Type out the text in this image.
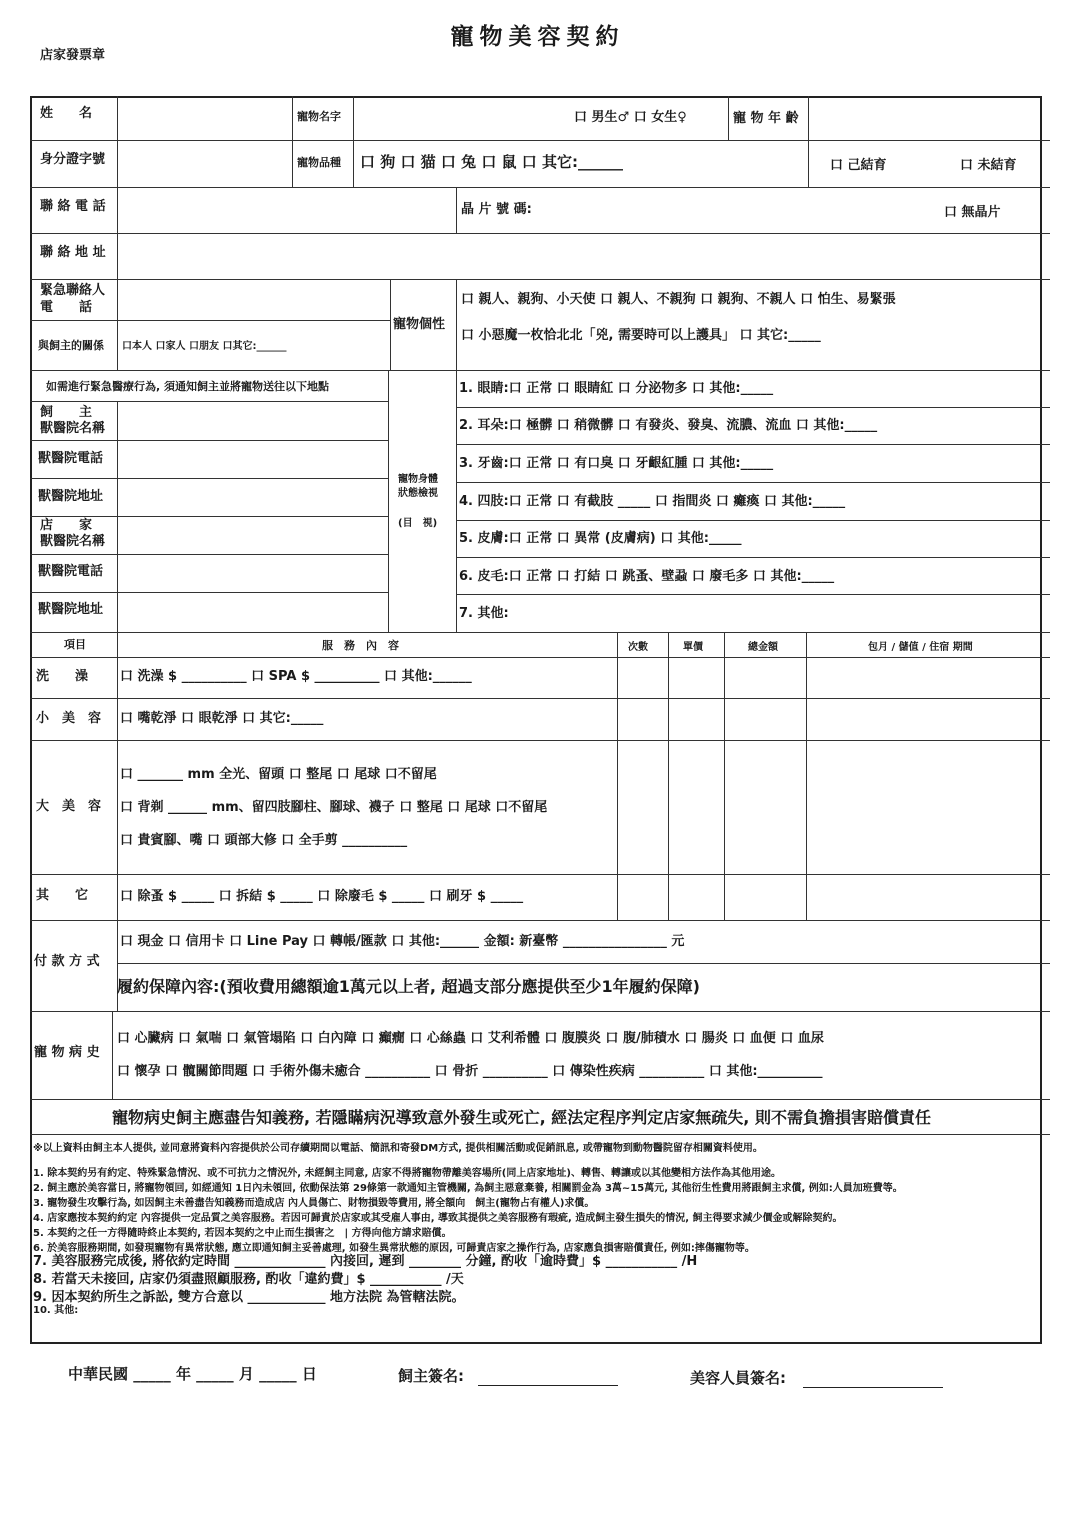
寵物美容契約
店家發票章
姓　　名	寵物名字	口 男生♂ 口 女生♀	寵 物 年 齡
身分證字號	寵物品種 口 狗 口 猫 口 兔 口 鼠 口 其它:______	口 己結育	口 未結育
聯 絡 電 話	晶 片 號 碼:	口 無晶片
聯 絡 地 址
緊急聯絡人
電　　話
與飼主的關係 口本人 口家人 口朋友 口其它:______
寵物個性
口 親人、親狗、小天使 口 親人、不親狗 口 親狗、不親人 口 怕生、易緊張
口 小惡魔一枚恰北北「兇, 需要時可以上護具」 口 其它:_____
如需進行緊急醫療行為, 須通知飼主並將寵物送往以下地點
飼　　主
獸醫院名稱
獸醫院電話
獸醫院地址
店　　家
獸醫院名稱
獸醫院電話
獸醫院地址
寵物身體
狀態檢視
(目　視)
1. 眼睛:口 正常 口 眼睛紅 口 分泌物多 口 其他:_____
2. 耳朵:口 極髒 口 稍微髒 口 有發炎、發臭、流膿、流血 口 其他:_____
3. 牙齒:口 正常 口 有口臭 口 牙齦紅腫 口 其他:_____
4. 四肢:口 正常 口 有截肢 _____ 口 指間炎 口 癱瘓 口 其他:_____
5. 皮膚:口 正常 口 異常 (皮膚病) 口 其他:_____
6. 皮毛:口 正常 口 打結 口 跳蚤、壁蝨 口 廢毛多 口 其他:_____
7. 其他:
項目	服　務　內　容	次數	單價	總金額	包月 / 儲值 / 住宿 期間
洗　　澡 口 洗澡 $ __________ 口 SPA $ __________ 口 其他:______
小　美　容 口 嘴乾淨 口 眼乾淨 口 其它:_____
大　美　容
口 _______ mm 全光、留頭 口 整尾 口 尾球 口不留尾
口 背剃 ______ mm、留四肢腳柱、腳球、襪子 口 整尾 口 尾球 口不留尾
口 貴賓腳、嘴 口 頭部大修 口 全手剪 __________
其　　它 口 除蚤 $ _____ 口 拆結 $ _____ 口 除廢毛 $ _____ 口 刷牙 $ _____
付 款 方 式
口 現金 口 信用卡 口 Line Pay 口 轉帳/匯款 口 其他:______ 金額: 新臺幣 ________________ 元
履約保障內容:(預收費用總額逾1萬元以上者, 超過支部分應提供至少1年履約保障)
寵 物 病 史
口 心臟病 口 氣喘 口 氣管塌陷 口 白內障 口 癲癇 口 心絲蟲 口 艾利希體 口 腹膜炎 口 腹/肺積水 口 腸炎 口 血便 口 血尿
口 懷孕 口 髖關節問題 口 手術外傷未癒合 __________ 口 骨折 __________ 口 傳染性疾病 __________ 口 其他:__________
寵物病史飼主應盡告知義務, 若隱瞞病況導致意外發生或死亡, 經法定程序判定店家無疏失, 則不需負擔損害賠償責任
※以上資料由飼主本人提供, 並同意將資料內容提供於公司存續期間以電話、簡訊和寄發DM方式, 提供相關活動或促銷訊息, 或帶寵物到動物醫院留存相關資料使用。
1. 除本契約另有約定、特殊緊急情況、或不可抗力之情況外, 未經飼主同意, 店家不得將寵物帶離美容場所(同上店家地址)、轉售、轉讓或以其他變相方法作為其他用途。
2. 飼主應於美容當日, 將寵物領回, 如經通知 1日內未領回, 依動保法第 29條第一款通知主管機關, 為飼主惡意棄養, 相關罰金為 3萬~15萬元, 其他衍生性費用將跟飼主求償, 例如:人員加班費等。
3. 寵物發生攻擊行為, 如因飼主未善盡告知義務而造成店 內人員傷亡、財物損毀等費用, 將全額向　飼主(寵物占有權人)求償。
4. 店家應按本契約約定 內容提供一定品質之美容服務。若因可歸責於店家或其受雇人事由, 導致其提供之美容服務有瑕疵, 造成飼主發生損失的情況, 飼主得要求減少價金或解除契約。
5. 本契約之任一方得隨時終止本契約, 若因本契約之中止而生損害之　| 方得向他方請求賠償。
6. 於美容服務期間, 如發現寵物有異常狀態, 應立即通知飼主妥善處理, 如發生異常狀態的原因, 可歸責店家之操作行為, 店家應負損害賠償責任, 例如:摔傷寵物等。
7. 美容服務完成後, 將依約定時間 ______________ 內接回, 遲到 ________ 分鐘, 酌收「逾時費」$ ___________ /H
8. 若當天未接回, 店家仍須盡照顧服務, 酌收「違約費」$ ___________ /天
9. 因本契約所生之訴訟, 雙方合意以 ____________ 地方法院 為管轄法院。
10. 其他:
中華民國 _____ 年 _____ 月 _____ 日	飼主簽名:	美容人員簽名:
